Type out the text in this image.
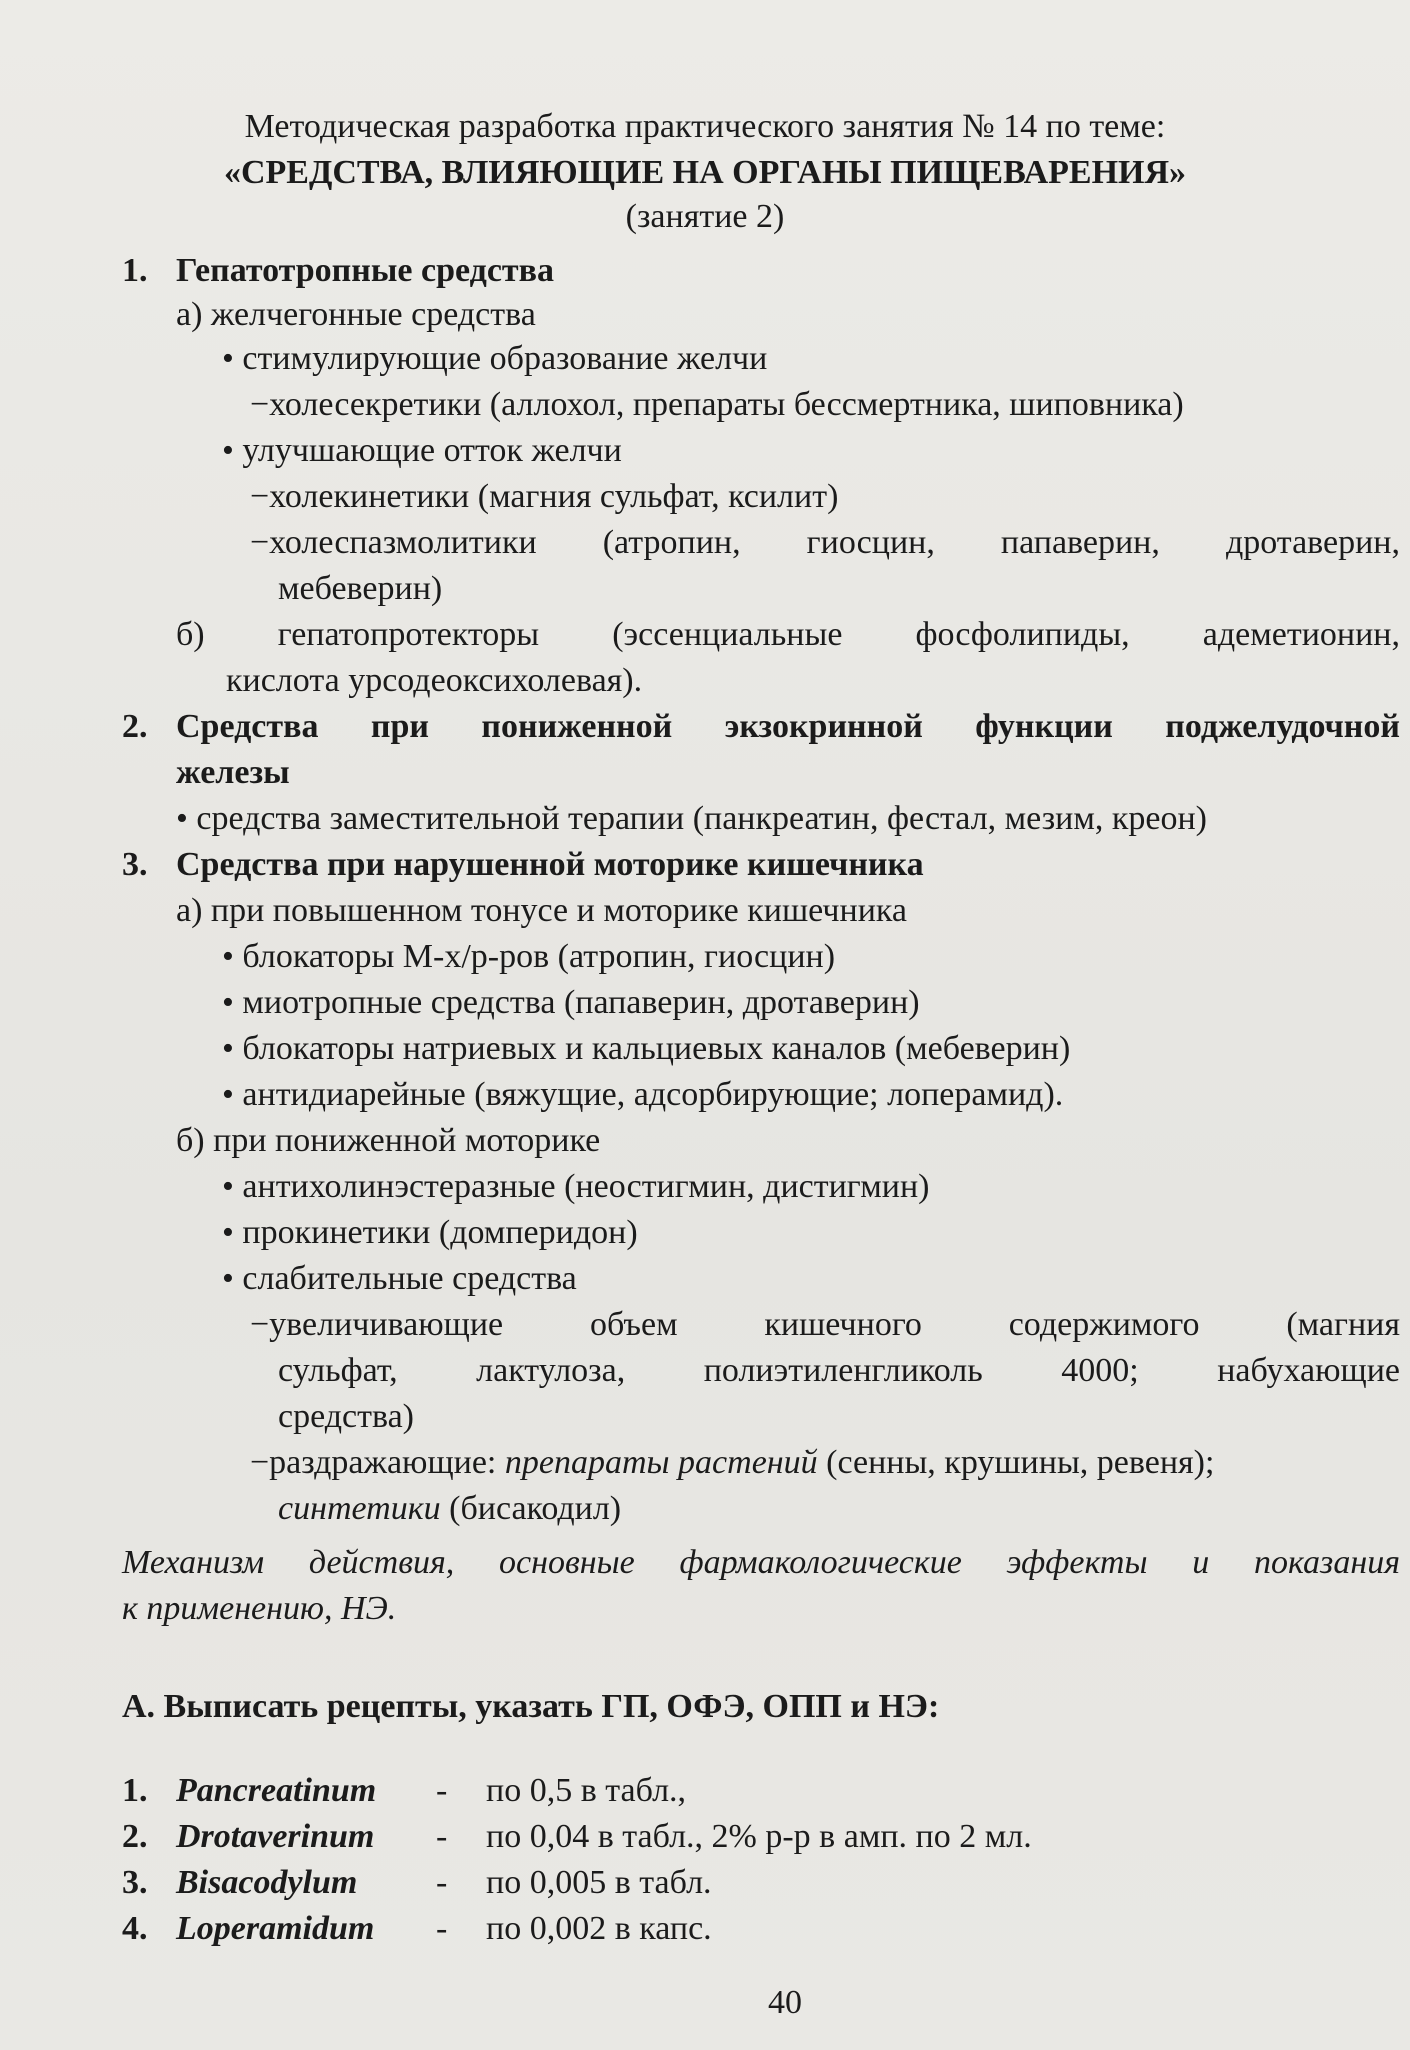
Методическая разработка практического занятия № 14 по теме:
«СРЕДСТВА, ВЛИЯЮЩИЕ НА ОРГАНЫ ПИЩЕВАРЕНИЯ»
(занятие 2)
1. Гепатотропные средства
а) желчегонные средства
• стимулирующие образование желчи
−холесекретики (аллохол, препараты бессмертника, шиповника)
• улучшающие отток желчи
−холекинетики (магния сульфат, ксилит)
−холеспазмолитики (атропин, гиосцин, папаверин, дротаверин,
мебеверин)
б) гепатопротекторы (эссенциальные фосфолипиды, адеметионин,
кислота урсодеоксихолевая).
2. Средства при пониженной экзокринной функции поджелудочной
железы
• средства заместительной терапии (панкреатин, фестал, мезим, креон)
3. Средства при нарушенной моторике кишечника
а) при повышенном тонусе и моторике кишечника
• блокаторы М-х/р-ров (атропин, гиосцин)
• миотропные средства (папаверин, дротаверин)
• блокаторы натриевых и кальциевых каналов (мебеверин)
• антидиарейные (вяжущие, адсорбирующие; лоперамид).
б) при пониженной моторике
• антихолинэстеразные (неостигмин, дистигмин)
• прокинетики (домперидон)
• слабительные средства
−увеличивающие объем кишечного содержимого (магния
сульфат, лактулоза, полиэтиленгликоль 4000; набухающие
средства)
−раздражающие: препараты растений (сенны, крушины, ревеня);
синтетики (бисакодил)
Механизм действия, основные фармакологические эффекты и показания
к применению, НЭ.
А. Выписать рецепты, указать ГП, ОФЭ, ОПП и НЭ:
1. Pancreatinum - по 0,5 в табл.,
2. Drotaverinum - по 0,04 в табл., 2% р-р в амп. по 2 мл.
3. Bisacodylum - по 0,005 в табл.
4. Loperamidum - по 0,002 в капс.
40
